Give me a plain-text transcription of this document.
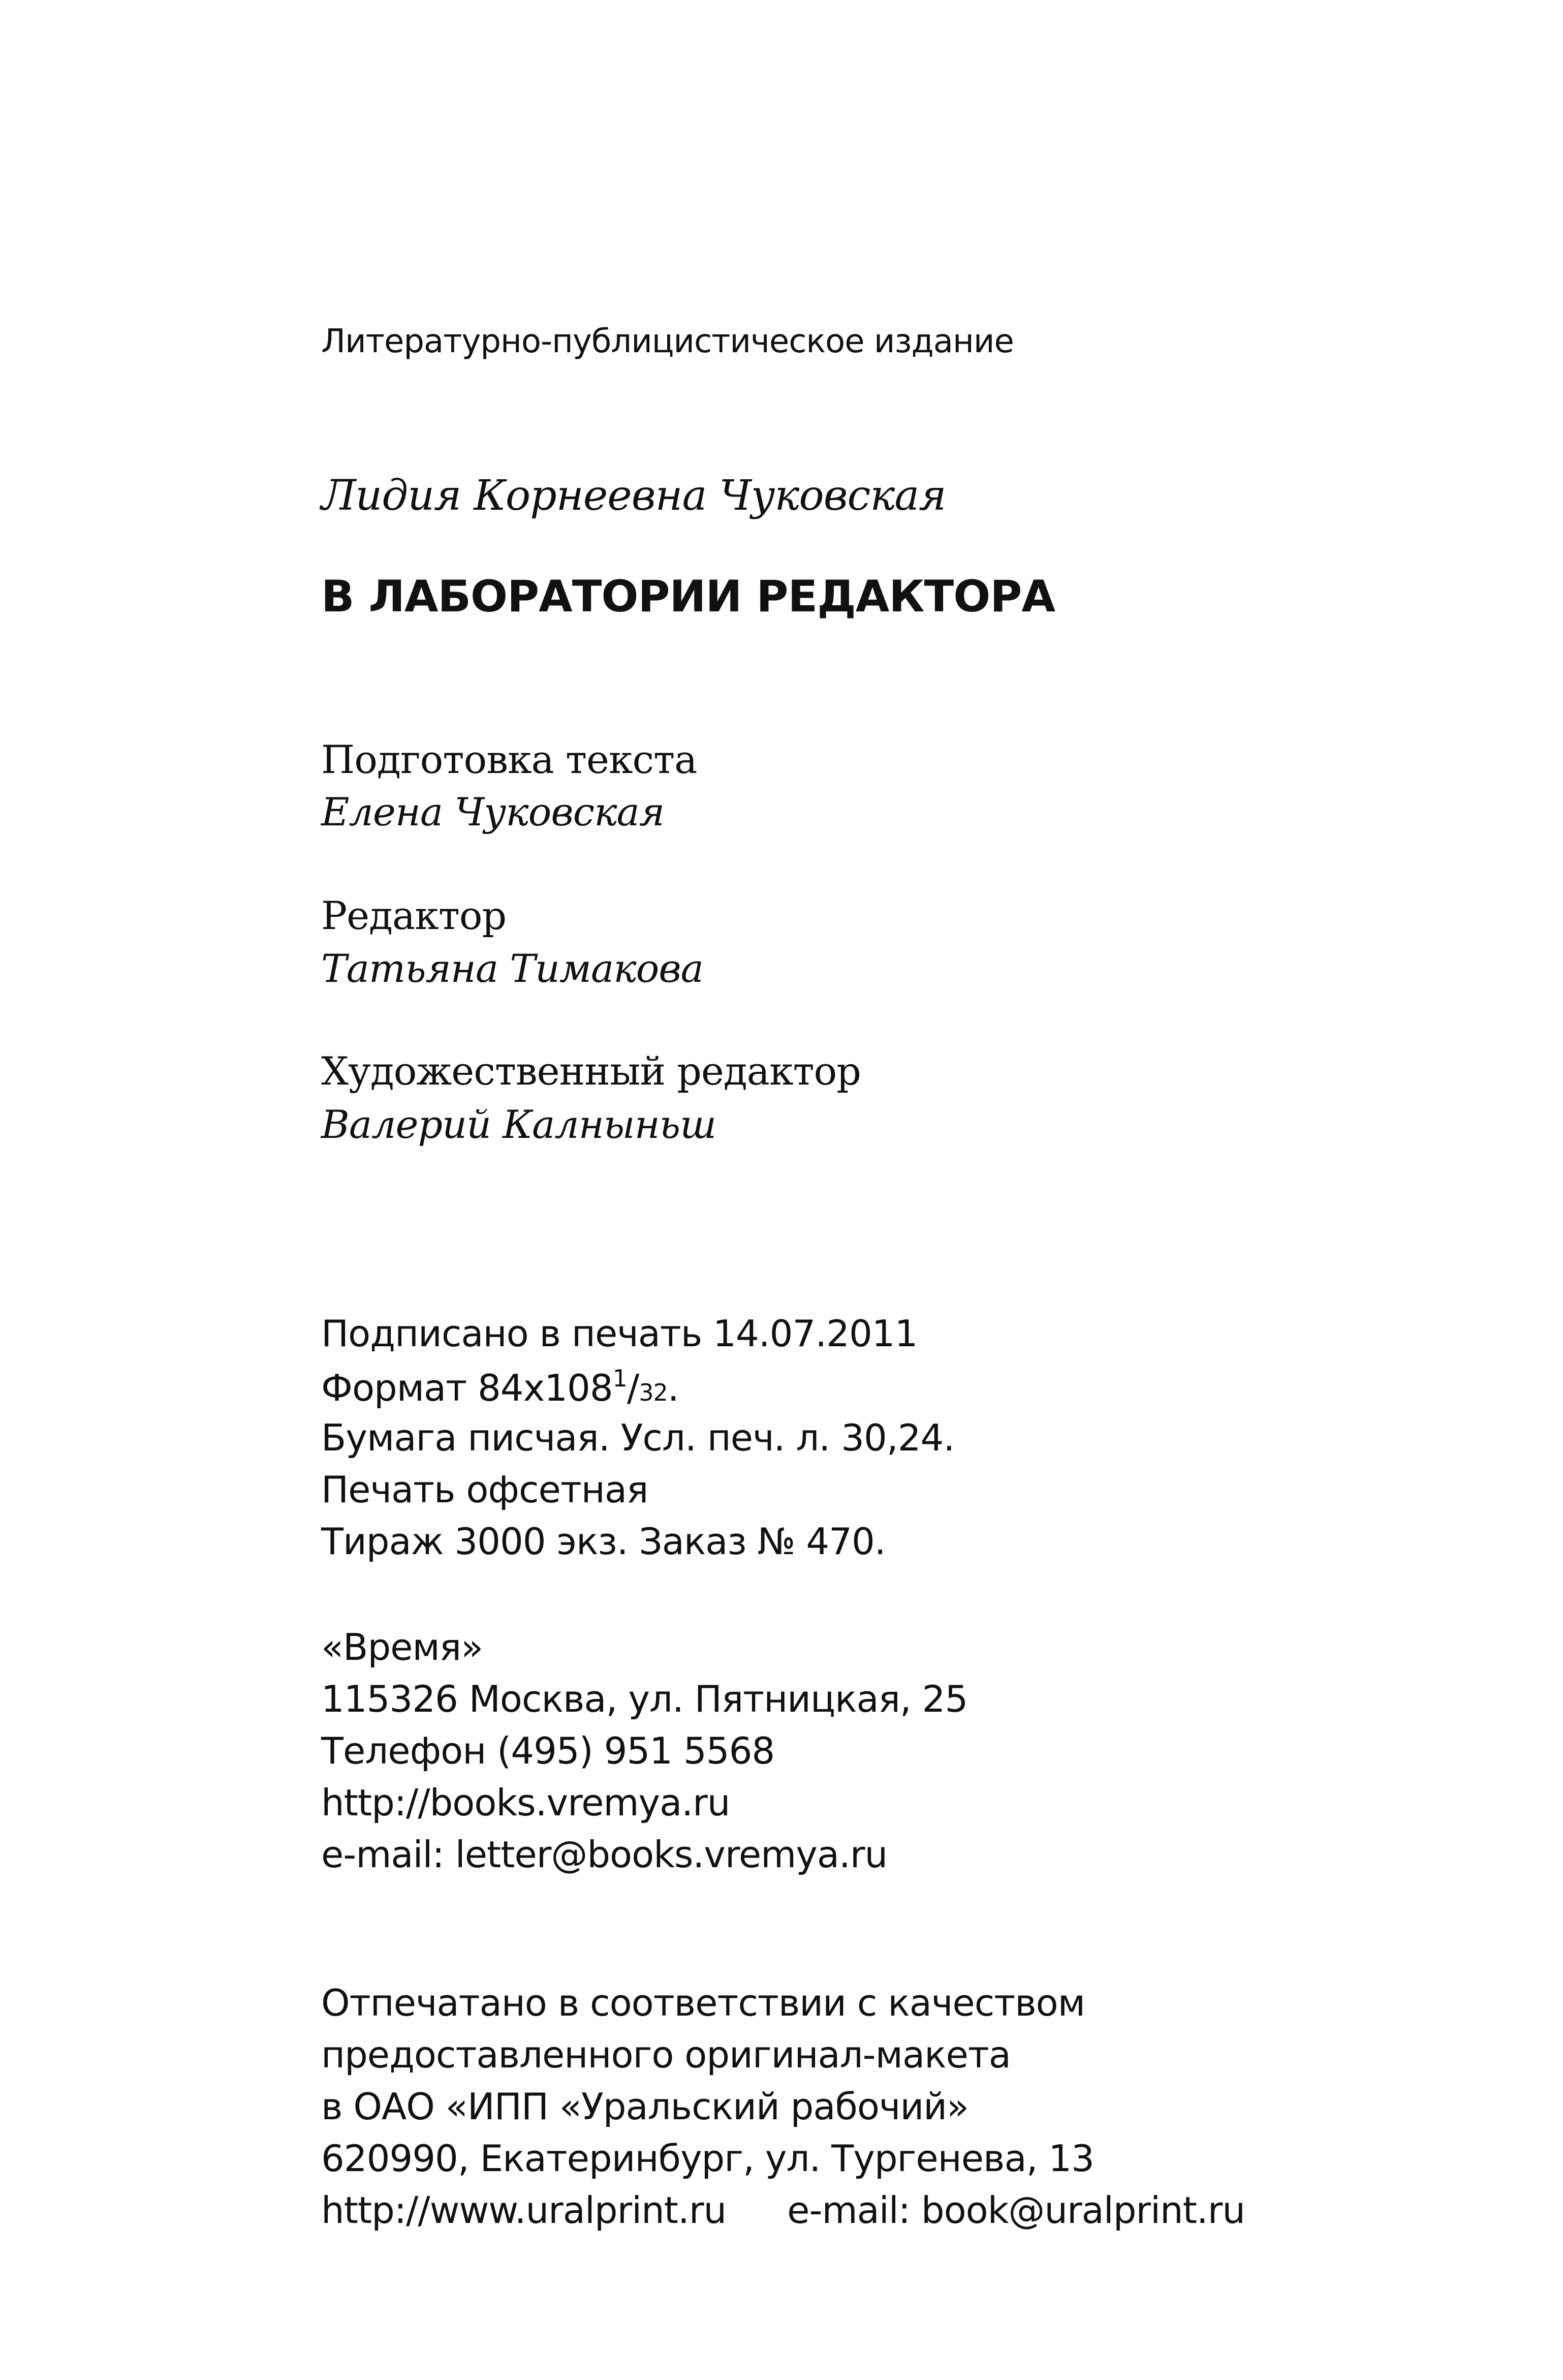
Литературно-публицистическое издание
Лидия Корнеевна Чуковская
В ЛАБОРАТОРИИ РЕДАКТОРА
Подготовка текста
Елена Чуковская
Редактор
Татьяна Тимакова
Художественный редактор
Валерий Калныньш
Подписано в печать 14.07.2011
Формат $84х108^1/32$.
Бумага писчая. Усл. печ. л. 30,24.
Печать офсетная
Тираж 3000 экз. Заказ № 470.
«Время»
115326 Москва, ул. Пятницкая, 25
Телефон (495) 951 5568
http://books.vremya.ru
e-mail: letter@books.vremya.ru
Отпечатано в соответствии с качеством
предоставленного оригинал-макета
в ОАО «ИПП «Уральский рабочий»
620990, Екатеринбург, ул. Тургенева, 13
http://www.uralprint.ru e-mail: book@uralprint.ru
